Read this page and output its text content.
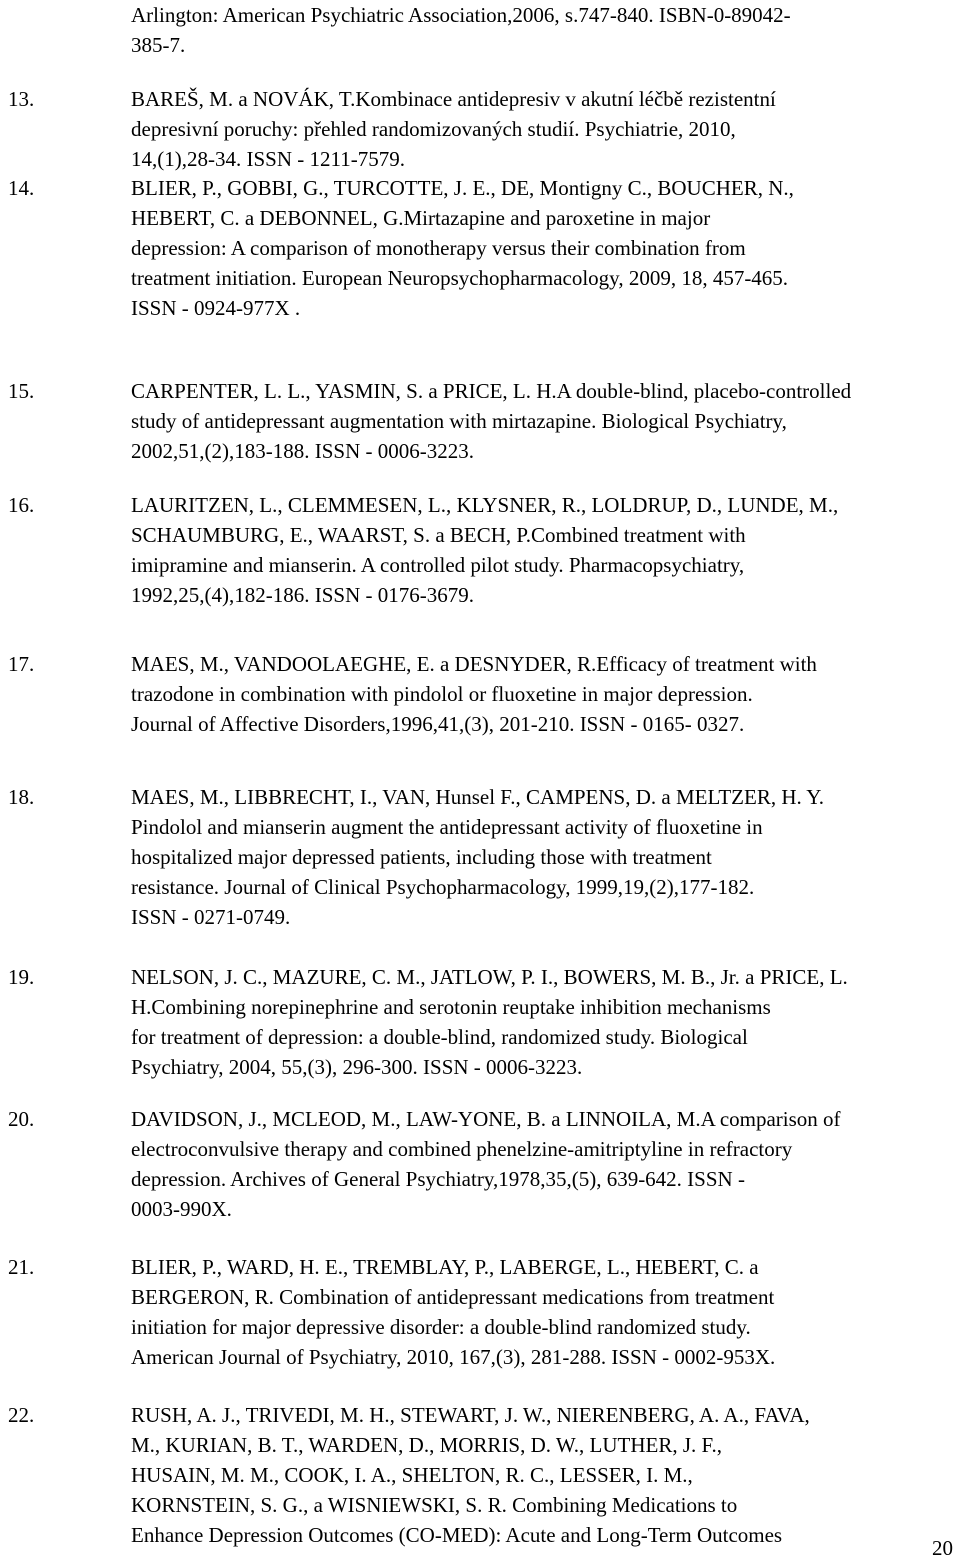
Arlington: American Psychiatric Association,2006, s.747-840. ISBN-0-89042-
385-7.
13.	BAREŠ, M. a NOVÁK, T.Kombinace antidepresiv v akutní léčbě rezistentní
depresivní poruchy: přehled randomizovaných studií. Psychiatrie, 2010,
14,(1),28-34. ISSN - 1211-7579.
14.	BLIER, P., GOBBI, G., TURCOTTE, J. E., DE, Montigny C., BOUCHER, N.,
HEBERT, C. a DEBONNEL, G.Mirtazapine and paroxetine in major
depression: A comparison of monotherapy versus their combination from
treatment initiation. European Neuropsychopharmacology, 2009, 18, 457-465.
ISSN - 0924-977X .
15.	CARPENTER, L. L., YASMIN, S. a PRICE, L. H.A double-blind, placebo-controlled
study of antidepressant augmentation with mirtazapine. Biological Psychiatry,
2002,51,(2),183-188. ISSN - 0006-3223.
16.	LAURITZEN, L., CLEMMESEN, L., KLYSNER, R., LOLDRUP, D., LUNDE, M.,
SCHAUMBURG, E., WAARST, S. a BECH, P.Combined treatment with
imipramine and mianserin. A controlled pilot study. Pharmacopsychiatry,
1992,25,(4),182-186. ISSN - 0176-3679.
17.	MAES, M., VANDOOLAEGHE, E. a DESNYDER, R.Efficacy of treatment with
trazodone in combination with pindolol or fluoxetine in major depression.
Journal of Affective Disorders,1996,41,(3), 201-210. ISSN - 0165- 0327.
18.	MAES, M., LIBBRECHT, I., VAN, Hunsel F., CAMPENS, D. a MELTZER, H. Y.
Pindolol and mianserin augment the antidepressant activity of fluoxetine in
hospitalized major depressed patients, including those with treatment
resistance. Journal of Clinical Psychopharmacology, 1999,19,(2),177-182.
ISSN - 0271-0749.
19.	NELSON, J. C., MAZURE, C. M., JATLOW, P. I., BOWERS, M. B., Jr. a PRICE, L.
H.Combining norepinephrine and serotonin reuptake inhibition mechanisms
for treatment of depression: a double-blind, randomized study. Biological
Psychiatry, 2004, 55,(3), 296-300. ISSN - 0006-3223.
20.	DAVIDSON, J., MCLEOD, M., LAW-YONE, B. a LINNOILA, M.A comparison of
electroconvulsive therapy and combined phenelzine-amitriptyline in refractory
depression. Archives of General Psychiatry,1978,35,(5), 639-642. ISSN -
0003-990X.
21.	BLIER, P., WARD, H. E., TREMBLAY, P., LABERGE, L., HEBERT, C. a
BERGERON, R. Combination of antidepressant medications from treatment
initiation for major depressive disorder: a double-blind randomized study.
American Journal of Psychiatry, 2010, 167,(3), 281-288. ISSN - 0002-953X.
22.	RUSH, A. J., TRIVEDI, M. H., STEWART, J. W., NIERENBERG, A. A., FAVA,
M., KURIAN, B. T., WARDEN, D., MORRIS, D. W., LUTHER, J. F.,
HUSAIN, M. M., COOK, I. A., SHELTON, R. C., LESSER, I. M.,
KORNSTEIN, S. G., a WISNIEWSKI, S. R. Combining Medications to
Enhance Depression Outcomes (CO-MED): Acute and Long-Term Outcomes
20
